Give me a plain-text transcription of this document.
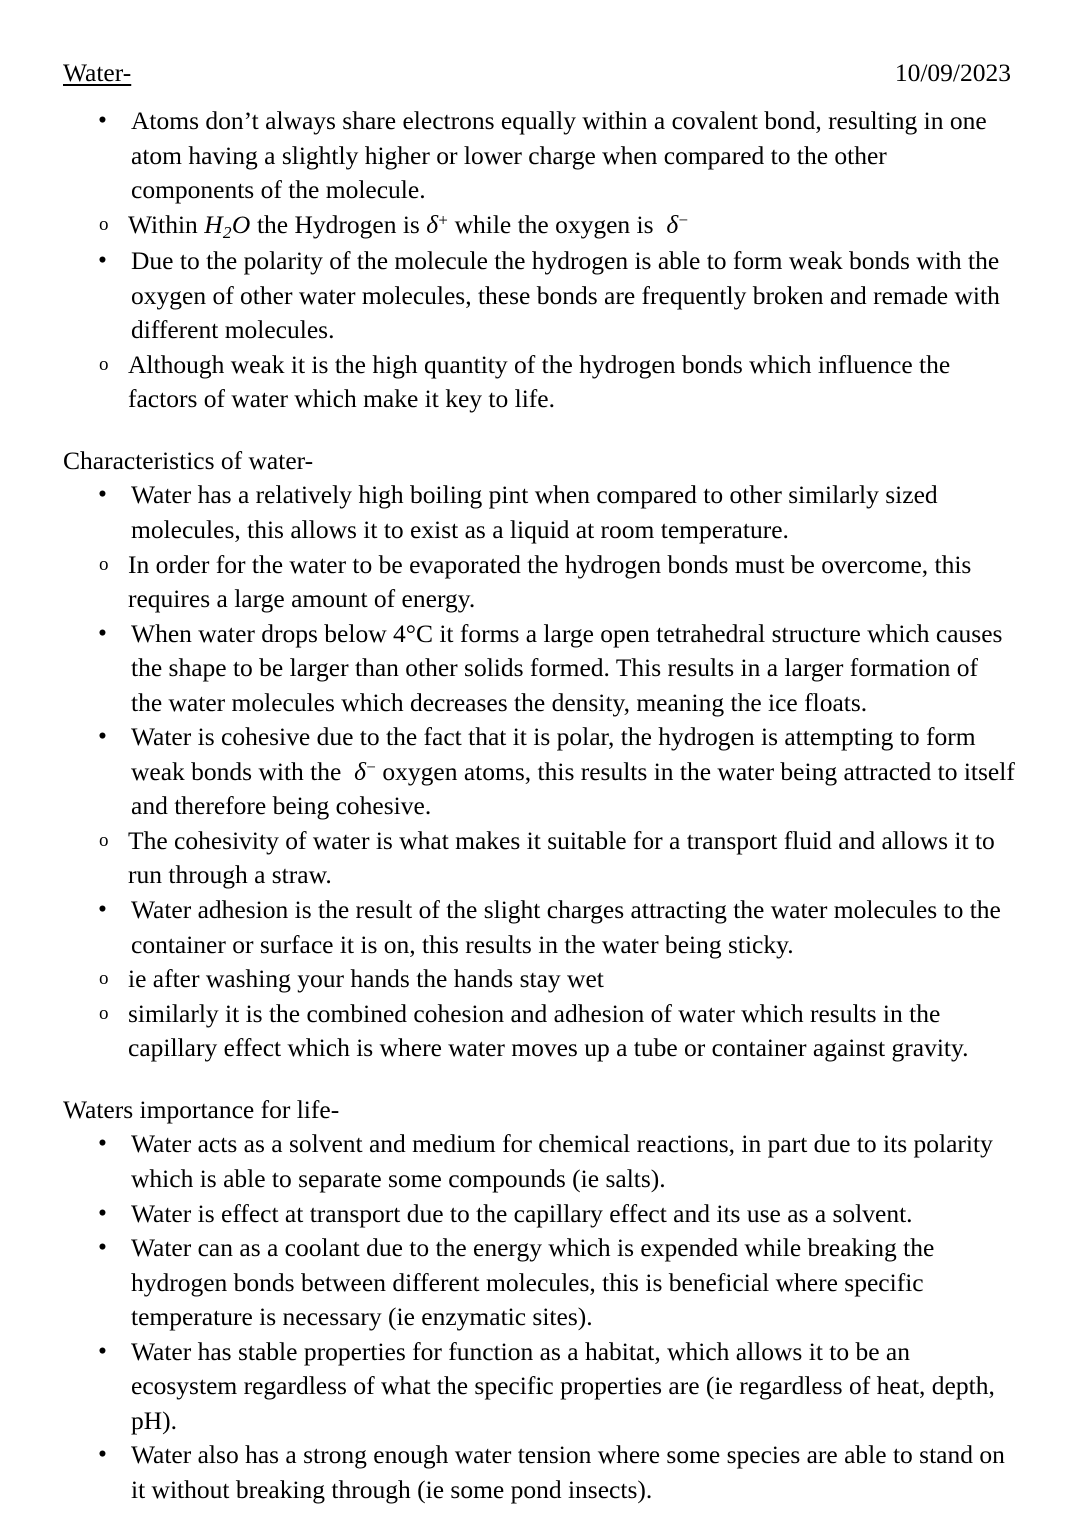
Water-	10/09/2023
• Atoms don’t always share electrons equally within a covalent bond, resulting in one atom having a slightly higher or lower charge when compared to the other components of the molecule.
o Within $H_2O$ the Hydrogen is δ+ while the oxygen is  δ−
• Due to the polarity of the molecule the hydrogen is able to form weak bonds with the oxygen of other water molecules, these bonds are frequently broken and remade with different molecules.
o Although weak it is the high quantity of the hydrogen bonds which influence the factors of water which make it key to life.

Characteristics of water-

• Water has a relatively high boiling pint when compared to other similarly sized molecules, this allows it to exist as a liquid at room temperature.
o In order for the water to be evaporated the hydrogen bonds must be overcome, this requires a large amount of energy.
• When water drops below 4°C it forms a large open tetrahedral structure which causes the shape to be larger than other solids formed. This results in a larger formation of the water molecules which decreases the density, meaning the ice floats.
• Water is cohesive due to the fact that it is polar, the hydrogen is attempting to form weak bonds with the  δ− oxygen atoms, this results in the water being attracted to itself and therefore being cohesive.
o The cohesivity of water is what makes it suitable for a transport fluid and allows it to run through a straw.
• Water adhesion is the result of the slight charges attracting the water molecules to the container or surface it is on, this results in the water being sticky.
o ie after washing your hands the hands stay wet
o similarly it is the combined cohesion and adhesion of water which results in the capillary effect which is where water moves up a tube or container against gravity.

Waters importance for life-

• Water acts as a solvent and medium for chemical reactions, in part due to its polarity which is able to separate some compounds (ie salts).
• Water is effect at transport due to the capillary effect and its use as a solvent.
• Water can as a coolant due to the energy which is expended while breaking the hydrogen bonds between different molecules, this is beneficial where specific temperature is necessary (ie enzymatic sites).
• Water has stable properties for function as a habitat, which allows it to be an ecosystem regardless of what the specific properties are (ie regardless of heat, depth, pH).
• Water also has a strong enough water tension where some species are able to stand on it without breaking through (ie some pond insects).
